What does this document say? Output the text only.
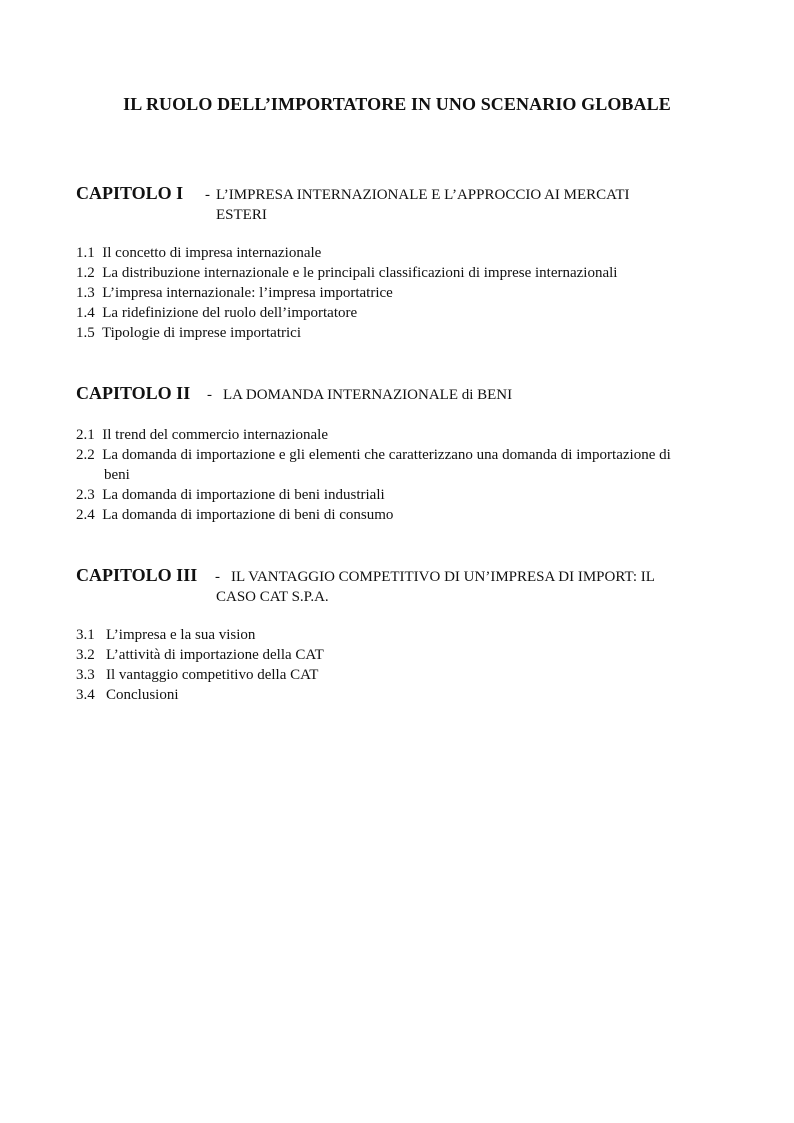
IL RUOLO DELL’IMPORTATORE IN UNO SCENARIO GLOBALE
CAPITOLO I - L’IMPRESA INTERNAZIONALE E L’APPROCCIO AI MERCATI
ESTERI
1.1 Il concetto di impresa internazionale
1.2 La distribuzione internazionale e le principali classificazioni di imprese internazionali
1.3 L’impresa internazionale: l’impresa importatrice
1.4 La ridefinizione del ruolo dell’importatore
1.5 Tipologie di imprese importatrici
CAPITOLO II - LA DOMANDA INTERNAZIONALE di BENI
2.1 Il trend del commercio internazionale
2.2 La domanda di importazione e gli elementi che caratterizzano una domanda di importazione di
beni
2.3 La domanda di importazione di beni industriali
2.4 La domanda di importazione di beni di consumo
CAPITOLO III - IL VANTAGGIO COMPETITIVO DI UN’IMPRESA DI IMPORT: IL
CASO CAT S.P.A.
3.1 L’impresa e la sua vision
3.2 L’attività di importazione della CAT
3.3 Il vantaggio competitivo della CAT
3.4 Conclusioni
